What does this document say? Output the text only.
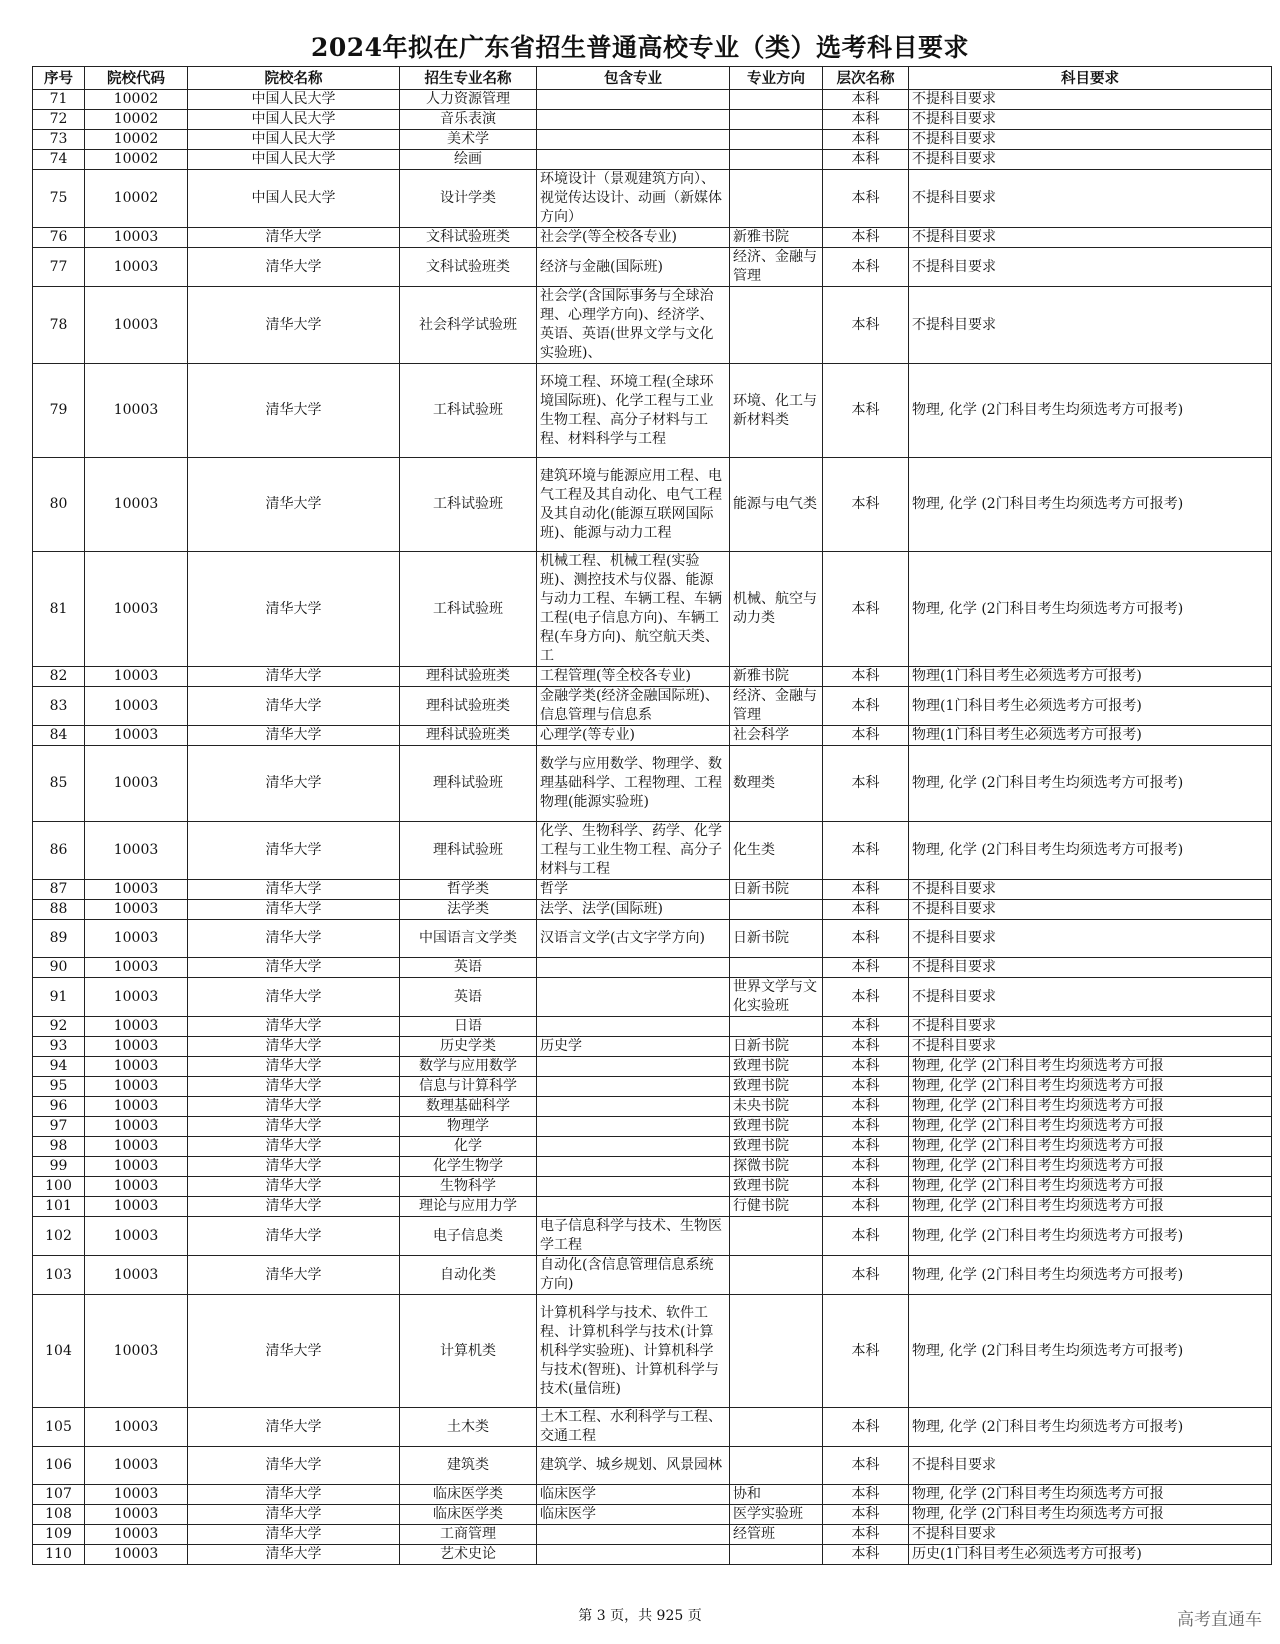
2024年拟在广东省招生普通高校专业（类）选考科目要求
序号	院校代码	院校名称	招生专业名称	包含专业	专业方向	层次名称	科目要求
71	10002	中国人民大学	人力资源管理			本科	不提科目要求
72	10002	中国人民大学	音乐表演			本科	不提科目要求
73	10002	中国人民大学	美术学			本科	不提科目要求
74	10002	中国人民大学	绘画			本科	不提科目要求
75	10002	中国人民大学	设计学类	环境设计（景观建筑方向）、视觉传达设计、动画（新媒体方向）		本科	不提科目要求
76	10003	清华大学	文科试验班类	社会学(等全校各专业)	新雅书院	本科	不提科目要求
77	10003	清华大学	文科试验班类	经济与金融(国际班)	经济、金融与管理	本科	不提科目要求
78	10003	清华大学	社会科学试验班	社会学(含国际事务与全球治理、心理学方向)、经济学、英语、英语(世界文学与文化实验班)、		本科	不提科目要求
79	10003	清华大学	工科试验班	环境工程、环境工程(全球环境国际班)、化学工程与工业生物工程、高分子材料与工程、材料科学与工程	环境、化工与新材料类	本科	物理, 化学 (2门科目考生均须选考方可报考)
80	10003	清华大学	工科试验班	建筑环境与能源应用工程、电气工程及其自动化、电气工程及其自动化(能源互联网国际班)、能源与动力工程	能源与电气类	本科	物理, 化学 (2门科目考生均须选考方可报考)
81	10003	清华大学	工科试验班	机械工程、机械工程(实验班)、测控技术与仪器、能源与动力工程、车辆工程、车辆工程(电子信息方向)、车辆工程(车身方向)、航空航天类、工	机械、航空与动力类	本科	物理, 化学 (2门科目考生均须选考方可报考)
82	10003	清华大学	理科试验班类	工程管理(等全校各专业)	新雅书院	本科	物理(1门科目考生必须选考方可报考)
83	10003	清华大学	理科试验班类	金融学类(经济金融国际班)、信息管理与信息系	经济、金融与管理	本科	物理(1门科目考生必须选考方可报考)
84	10003	清华大学	理科试验班类	心理学(等专业)	社会科学	本科	物理(1门科目考生必须选考方可报考)
85	10003	清华大学	理科试验班	数学与应用数学、物理学、数理基础科学、工程物理、工程物理(能源实验班)	数理类	本科	物理, 化学 (2门科目考生均须选考方可报考)
86	10003	清华大学	理科试验班	化学、生物科学、药学、化学工程与工业生物工程、高分子材料与工程	化生类	本科	物理, 化学 (2门科目考生均须选考方可报考)
87	10003	清华大学	哲学类	哲学	日新书院	本科	不提科目要求
88	10003	清华大学	法学类	法学、法学(国际班)		本科	不提科目要求
89	10003	清华大学	中国语言文学类	汉语言文学(古文字学方向)	日新书院	本科	不提科目要求
90	10003	清华大学	英语			本科	不提科目要求
91	10003	清华大学	英语		世界文学与文化实验班	本科	不提科目要求
92	10003	清华大学	日语			本科	不提科目要求
93	10003	清华大学	历史学类	历史学	日新书院	本科	不提科目要求
94	10003	清华大学	数学与应用数学		致理书院	本科	物理, 化学 (2门科目考生均须选考方可报
95	10003	清华大学	信息与计算科学		致理书院	本科	物理, 化学 (2门科目考生均须选考方可报
96	10003	清华大学	数理基础科学		未央书院	本科	物理, 化学 (2门科目考生均须选考方可报
97	10003	清华大学	物理学		致理书院	本科	物理, 化学 (2门科目考生均须选考方可报
98	10003	清华大学	化学		致理书院	本科	物理, 化学 (2门科目考生均须选考方可报
99	10003	清华大学	化学生物学		探微书院	本科	物理, 化学 (2门科目考生均须选考方可报
100	10003	清华大学	生物科学		致理书院	本科	物理, 化学 (2门科目考生均须选考方可报
101	10003	清华大学	理论与应用力学		行健书院	本科	物理, 化学 (2门科目考生均须选考方可报
102	10003	清华大学	电子信息类	电子信息科学与技术、生物医学工程		本科	物理, 化学 (2门科目考生均须选考方可报考)
103	10003	清华大学	自动化类	自动化(含信息管理信息系统方向)		本科	物理, 化学 (2门科目考生均须选考方可报考)
104	10003	清华大学	计算机类	计算机科学与技术、软件工程、计算机科学与技术(计算机科学实验班)、计算机科学与技术(智班)、计算机科学与技术(量信班)		本科	物理, 化学 (2门科目考生均须选考方可报考)
105	10003	清华大学	土木类	土木工程、水利科学与工程、交通工程		本科	物理, 化学 (2门科目考生均须选考方可报考)
106	10003	清华大学	建筑类	建筑学、城乡规划、风景园林		本科	不提科目要求
107	10003	清华大学	临床医学类	临床医学	协和	本科	物理, 化学 (2门科目考生均须选考方可报
108	10003	清华大学	临床医学类	临床医学	医学实验班	本科	物理, 化学 (2门科目考生均须选考方可报
109	10003	清华大学	工商管理		经管班	本科	不提科目要求
110	10003	清华大学	艺术史论			本科	历史(1门科目考生必须选考方可报考)
第 3 页，共 925 页	高考直通车
